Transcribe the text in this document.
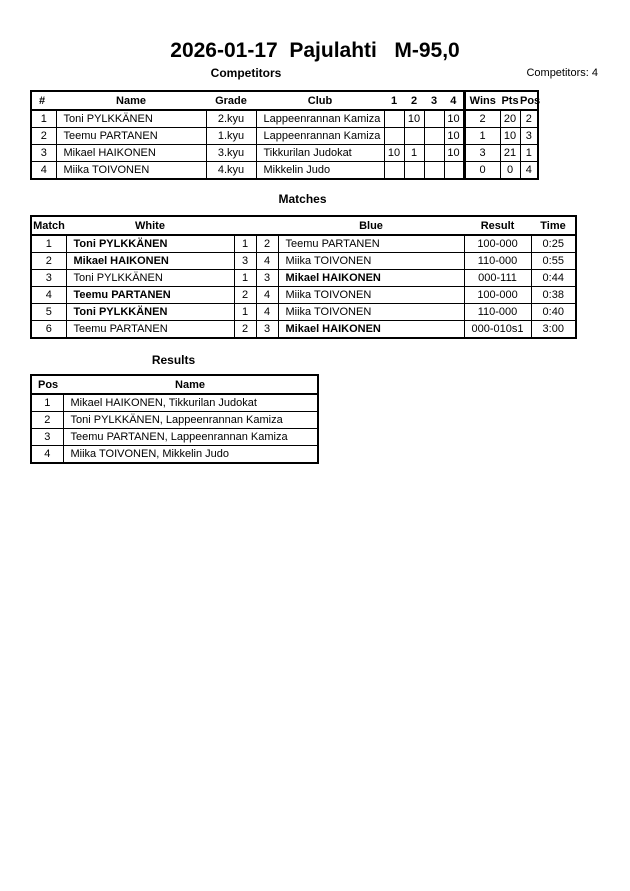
2026-01-17  Pajulahti   M-95,0
Competitors	Competitors: 4
#	Name	Grade	Club	1	2	3	4	Wins	Pts	Pos
1	Toni PYLKKÄNEN	2.kyu	Lappeenrannan Kamiza		10		10	2	20	2
2	Teemu PARTANEN	1.kyu	Lappeenrannan Kamiza				10	1	10	3
3	Mikael HAIKONEN	3.kyu	Tikkurilan Judokat	10	1		10	3	21	1
4	Miika TOIVONEN	4.kyu	Mikkelin Judo					0	0	4
Matches
Match	White			Blue	Result	Time
1	Toni PYLKKÄNEN	1	2	Teemu PARTANEN	100-000	0:25
2	Mikael HAIKONEN	3	4	Miika TOIVONEN	110-000	0:55
3	Toni PYLKKÄNEN	1	3	Mikael HAIKONEN	000-111	0:44
4	Teemu PARTANEN	2	4	Miika TOIVONEN	100-000	0:38
5	Toni PYLKKÄNEN	1	4	Miika TOIVONEN	110-000	0:40
6	Teemu PARTANEN	2	3	Mikael HAIKONEN	000-010s1	3:00
Results
Pos	Name
1	Mikael HAIKONEN, Tikkurilan Judokat
2	Toni PYLKKÄNEN, Lappeenrannan Kamiza
3	Teemu PARTANEN, Lappeenrannan Kamiza
4	Miika TOIVONEN, Mikkelin Judo
